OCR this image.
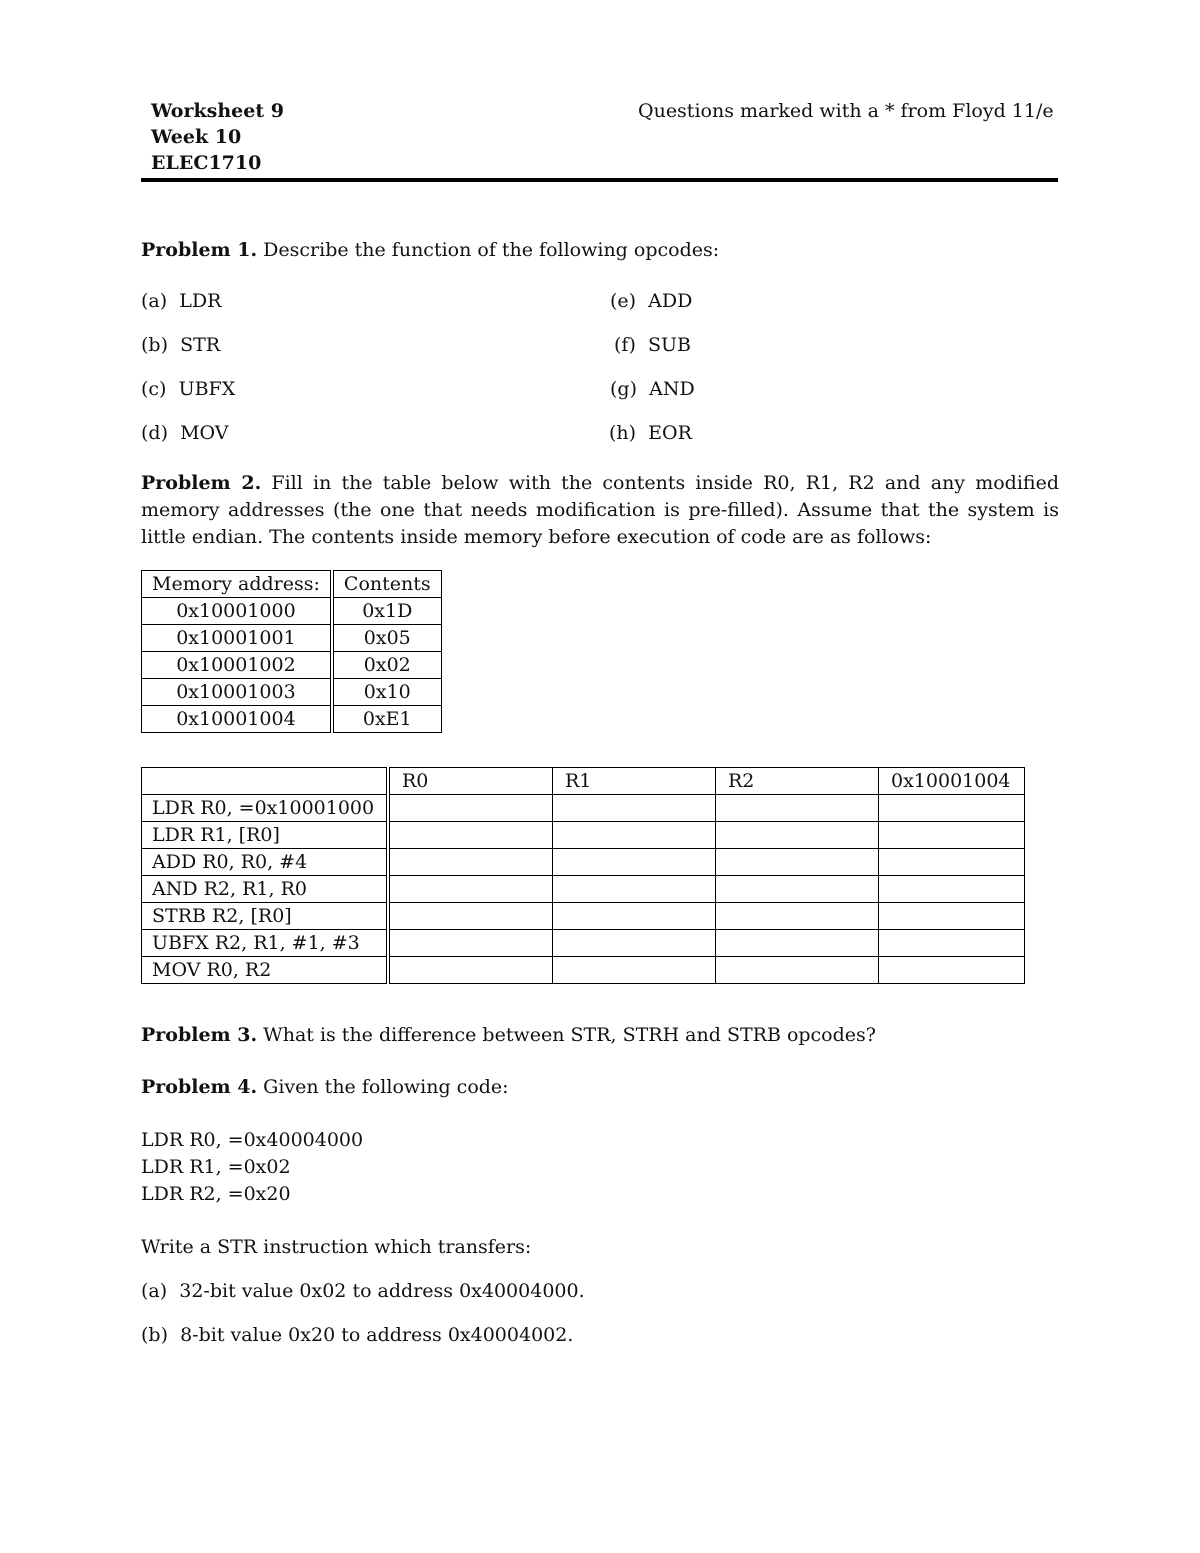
Worksheet 9
Week 10
ELEC1710
Questions marked with a * from Floyd 11/e
Problem 1. Describe the function of the following opcodes:
(a) LDR
(b) STR
(c) UBFX
(d) MOV
(e) ADD
(f) SUB
(g) AND
(h) EOR
Problem 2. Fill in the table below with the contents inside R0, R1, R2 and any modified memory addresses (the one that needs modification is pre-filled). Assume that the system is little endian. The contents inside memory before execution of code are as follows:
Memory address:	Contents
0x10001000	0x1D
0x10001001	0x05
0x10001002	0x02
0x10001003	0x10
0x10001004	0xE1
	R0	R1	R2	0x10001004
LDR R0, =0x10001000				
LDR R1, [R0]				
ADD R0, R0, #4				
AND R2, R1, R0				
STRB R2, [R0]				
UBFX R2, R1, #1, #3				
MOV R0, R2				
Problem 3. What is the difference between STR, STRH and STRB opcodes?
Problem 4. Given the following code:
LDR R0, =0x40004000
LDR R1, =0x02
LDR R2, =0x20
Write a STR instruction which transfers:
(a) 32-bit value 0x02 to address 0x40004000.
(b) 8-bit value 0x20 to address 0x40004002.
